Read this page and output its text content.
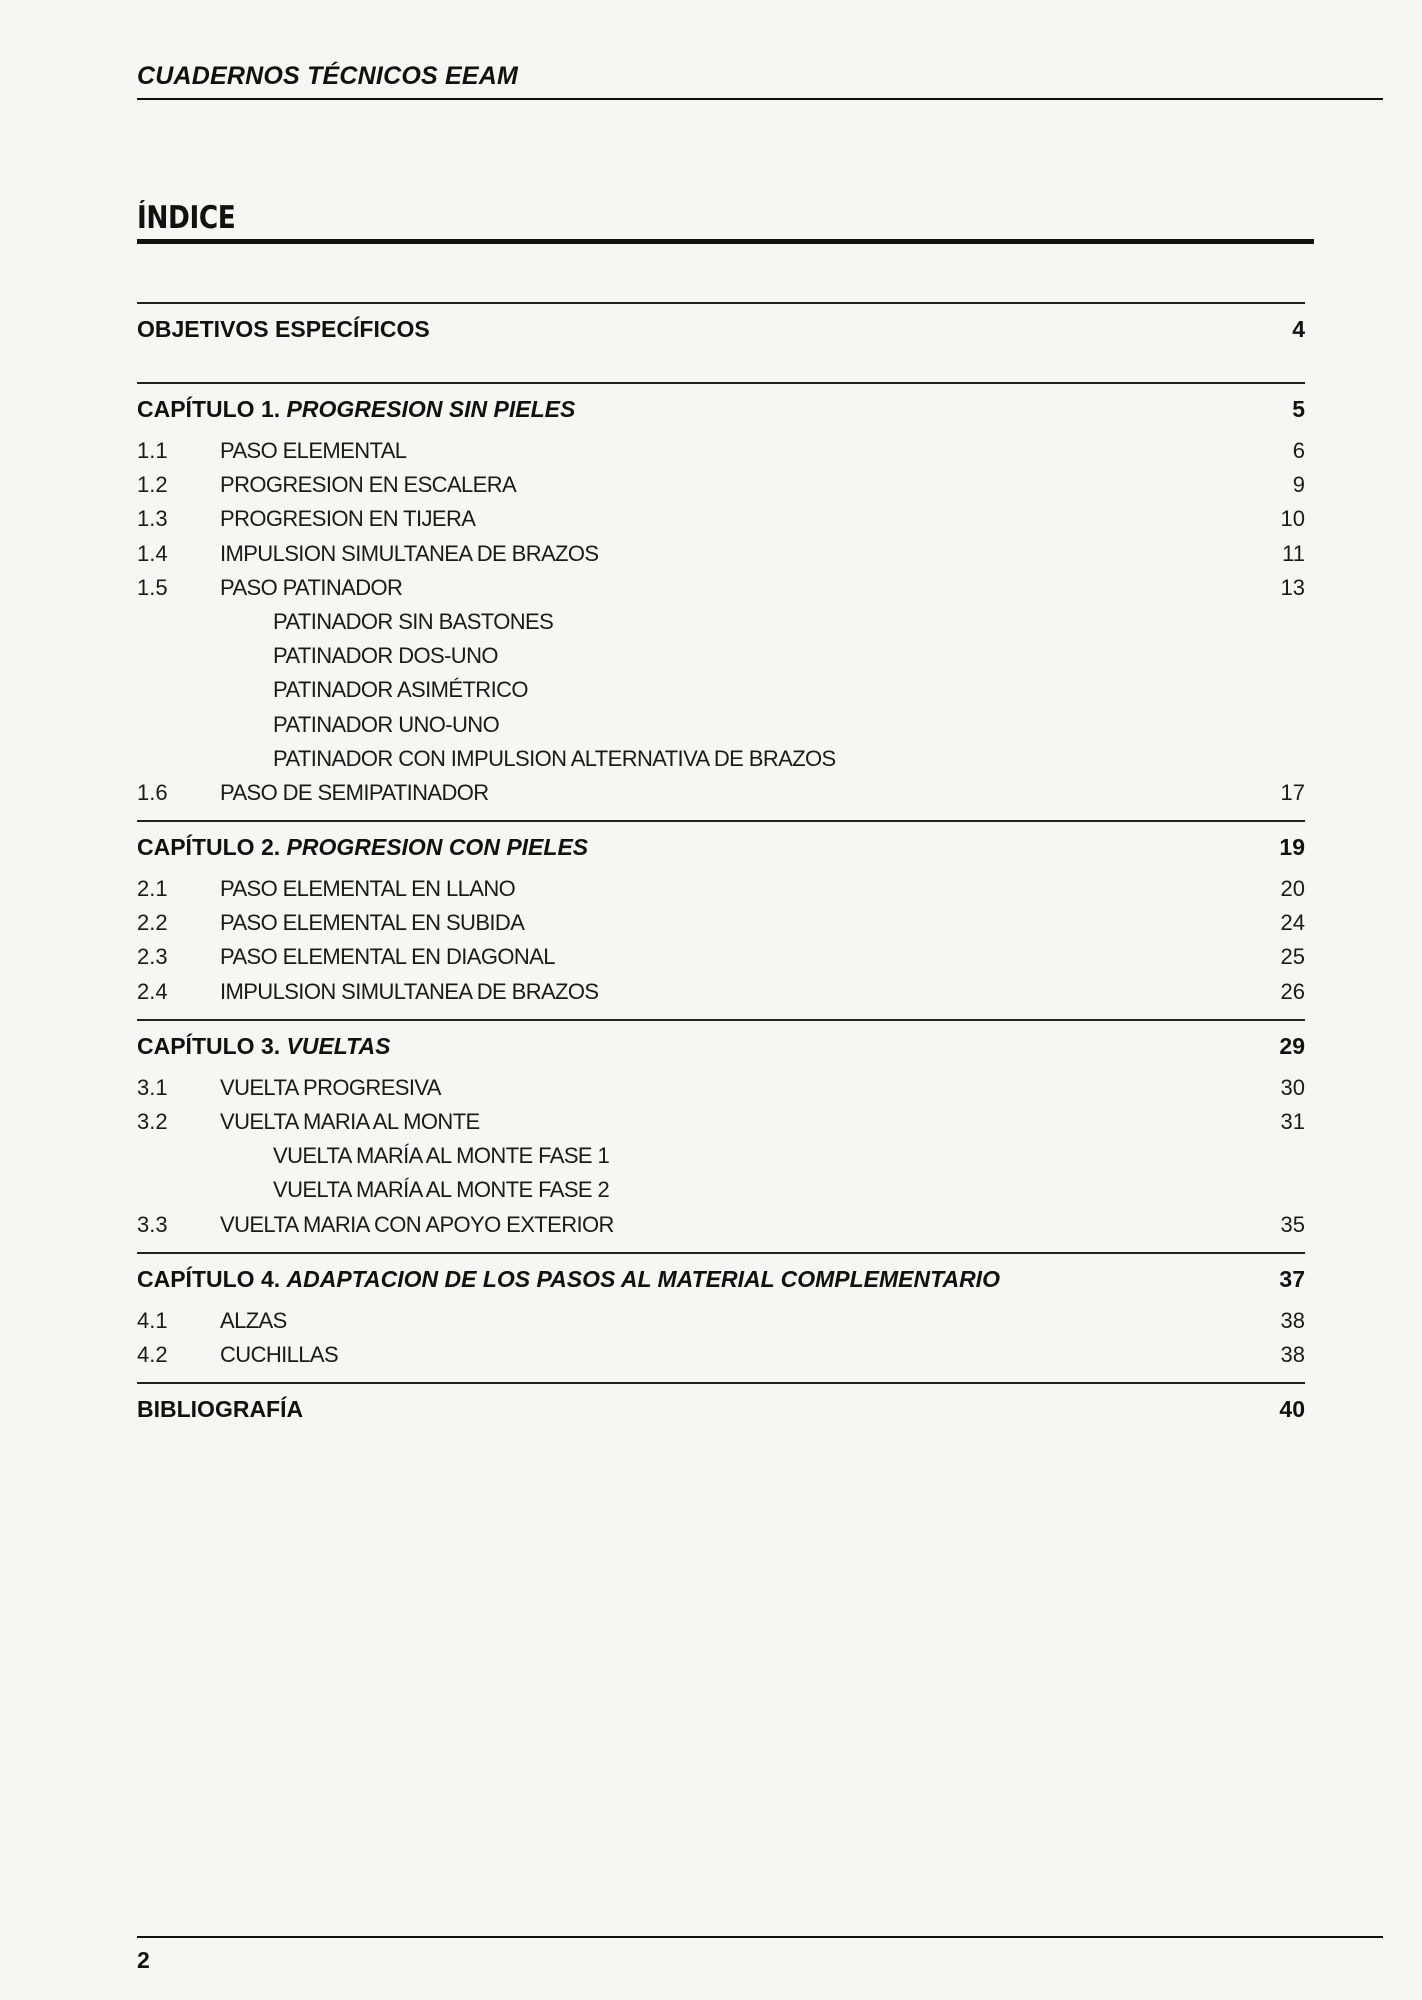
CUADERNOS TÉCNICOS EEAM
ÍNDICE
OBJETIVOS ESPECÍFICOS	4
CAPÍTULO 1. PROGRESION SIN PIELES	5
1.1	PASO ELEMENTAL	6
1.2	PROGRESION EN ESCALERA	9
1.3	PROGRESION EN TIJERA	10
1.4	IMPULSION SIMULTANEA DE BRAZOS	11
1.5	PASO PATINADOR	13
PATINADOR SIN BASTONES
PATINADOR DOS-UNO
PATINADOR ASIMÉTRICO
PATINADOR UNO-UNO
PATINADOR CON IMPULSION ALTERNATIVA DE BRAZOS
1.6	PASO DE SEMIPATINADOR	17
CAPÍTULO 2. PROGRESION CON PIELES	19
2.1	PASO ELEMENTAL EN LLANO	20
2.2	PASO ELEMENTAL EN SUBIDA	24
2.3	PASO ELEMENTAL EN DIAGONAL	25
2.4	IMPULSION SIMULTANEA DE BRAZOS	26
CAPÍTULO 3. VUELTAS	29
3.1	VUELTA PROGRESIVA	30
3.2	VUELTA MARIA AL MONTE	31
VUELTA MARÍA AL MONTE FASE 1
VUELTA MARÍA AL MONTE FASE 2
3.3	VUELTA MARIA CON APOYO EXTERIOR	35
CAPÍTULO 4. ADAPTACION DE LOS PASOS AL MATERIAL COMPLEMENTARIO	37
4.1	ALZAS	38
4.2	CUCHILLAS	38
BIBLIOGRAFÍA	40
2
